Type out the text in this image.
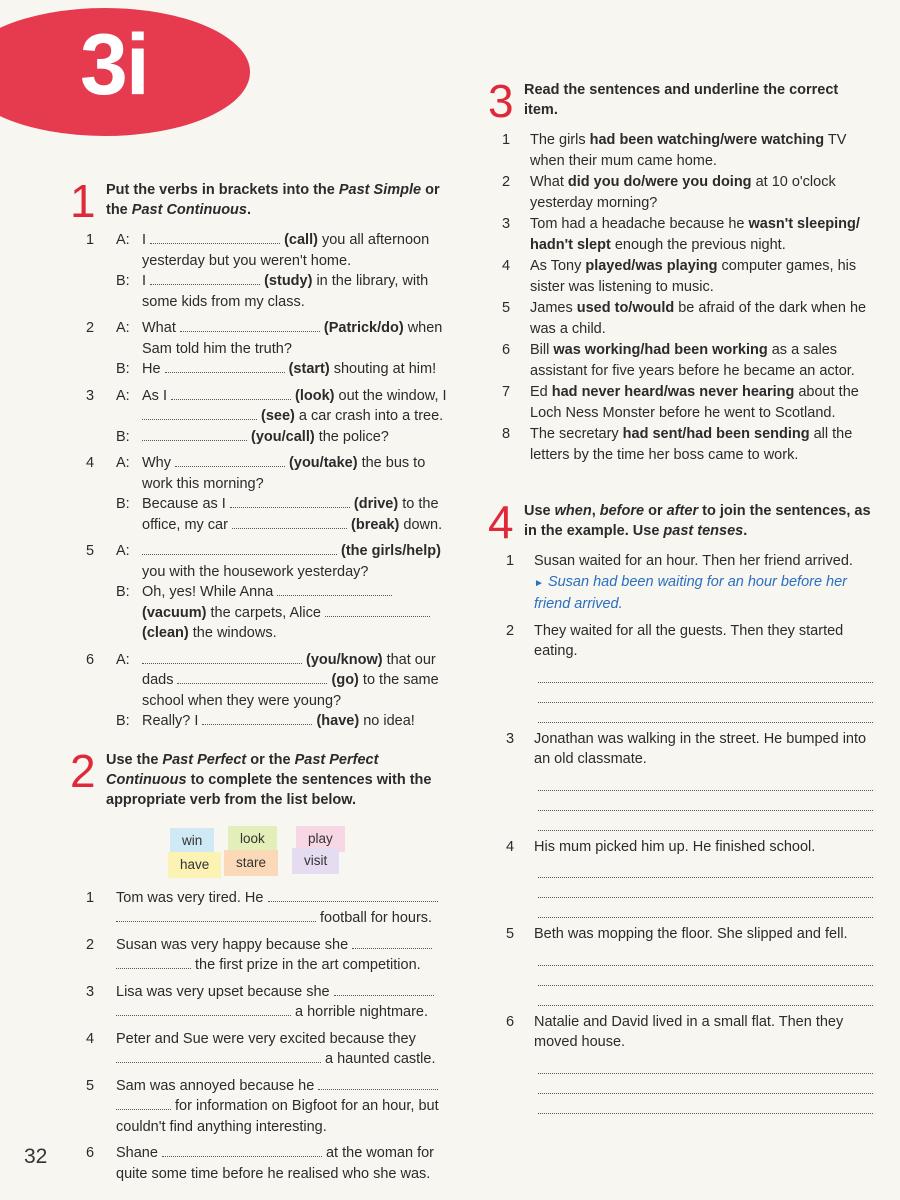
3i
1 Put the verbs in brackets into the Past Simple or the Past Continuous.
1 A: I	(call) you all afternoon yesterday but you weren't home.
B: I	(study) in the library, with some kids from my class.
2 A: What	(Patrick/do) when Sam told him the truth?
B: He	(start) shouting at him!
3 A: As I	(look) out the window, I  (see) a car crash into a tree.
B:	(you/call) the police?
4 A: Why	(you/take) the bus to work this morning?
B: Because as I	(drive) to the office, my car	(break) down.
5 A:	(the girls/help) you with the housework yesterday?
B: Oh, yes! While Anna  (vacuum) the carpets, Alice  (clean) the windows.
6 A:	(you/know) that our dads	(go) to the same school when they were young?
B: Really? I	(have) no idea!
2 Use the Past Perfect or the Past Perfect Continuous to complete the sentences with the appropriate verb from the list below.
win	look	play
have	stare	visit
1 Tom was very tired. He   football for hours.
2 Susan was very happy because she   the first prize in the art competition.
3 Lisa was very upset because she   a horrible nightmare.
4 Peter and Sue were very excited because they  a haunted castle.
5 Sam was annoyed because he   for information on Bigfoot for an hour, but couldn't find anything interesting.
6 Shane	at the woman for quite some time before he realised who she was.
3 Read the sentences and underline the correct item.
1 The girls had been watching/were watching TV when their mum came home.
2 What did you do/were you doing at 10 o'clock yesterday morning?
3 Tom had a headache because he wasn't sleeping/ hadn't slept enough the previous night.
4 As Tony played/was playing computer games, his sister was listening to music.
5 James used to/would be afraid of the dark when he was a child.
6 Bill was working/had been working as a sales assistant for five years before he became an actor.
7 Ed had never heard/was never hearing about the Loch Ness Monster before he went to Scotland.
8 The secretary had sent/had been sending all the letters by the time her boss came to work.
4 Use when, before or after to join the sentences, as in the example. Use past tenses.
1 Susan waited for an hour. Then her friend arrived.
► Susan had been waiting for an hour before her friend arrived.
2 They waited for all the guests. Then they started eating.
3 Jonathan was walking in the street. He bumped into an old classmate.
4 His mum picked him up. He finished school.
5 Beth was mopping the floor. She slipped and fell.
6 Natalie and David lived in a small flat. Then they moved house.
32
